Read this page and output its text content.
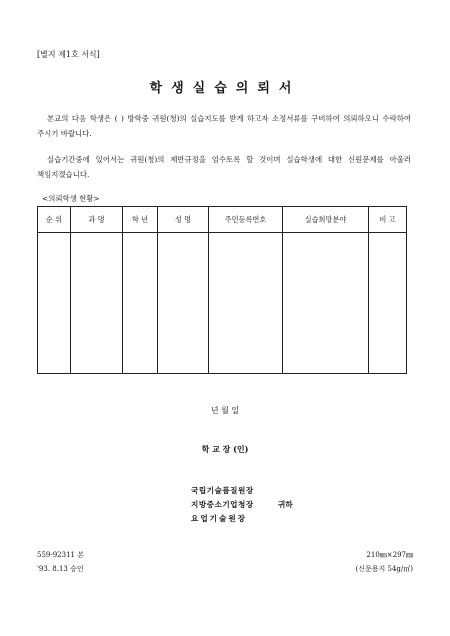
[별지 제1호 서식]
학생실습의뢰서
본교의 다음 학생은 ( ) 방학중 귀원(청)의 실습지도를 받게 하고자 소정서류를 구비하여 의뢰하오니 수락하여 주시기 바랍니다.
실습기간중에 있어서는 귀원(청)의 제반규정을 엄수토록 할 것이며 실습학생에 대한 신원문제를 아울러 책임지겠습니다.
<의뢰학생 현황>
순 위	과 명	학 년	성 명	주민등록번호	실습희망분야	비 고

년 월 일
학 교 장 (인)
국립기술품질원장
지방중소기업청장
요업기술원장
귀하
559-92311 본
'93. 8.13 승인
210㎜×297㎜
(신문용지 54g/㎡)
